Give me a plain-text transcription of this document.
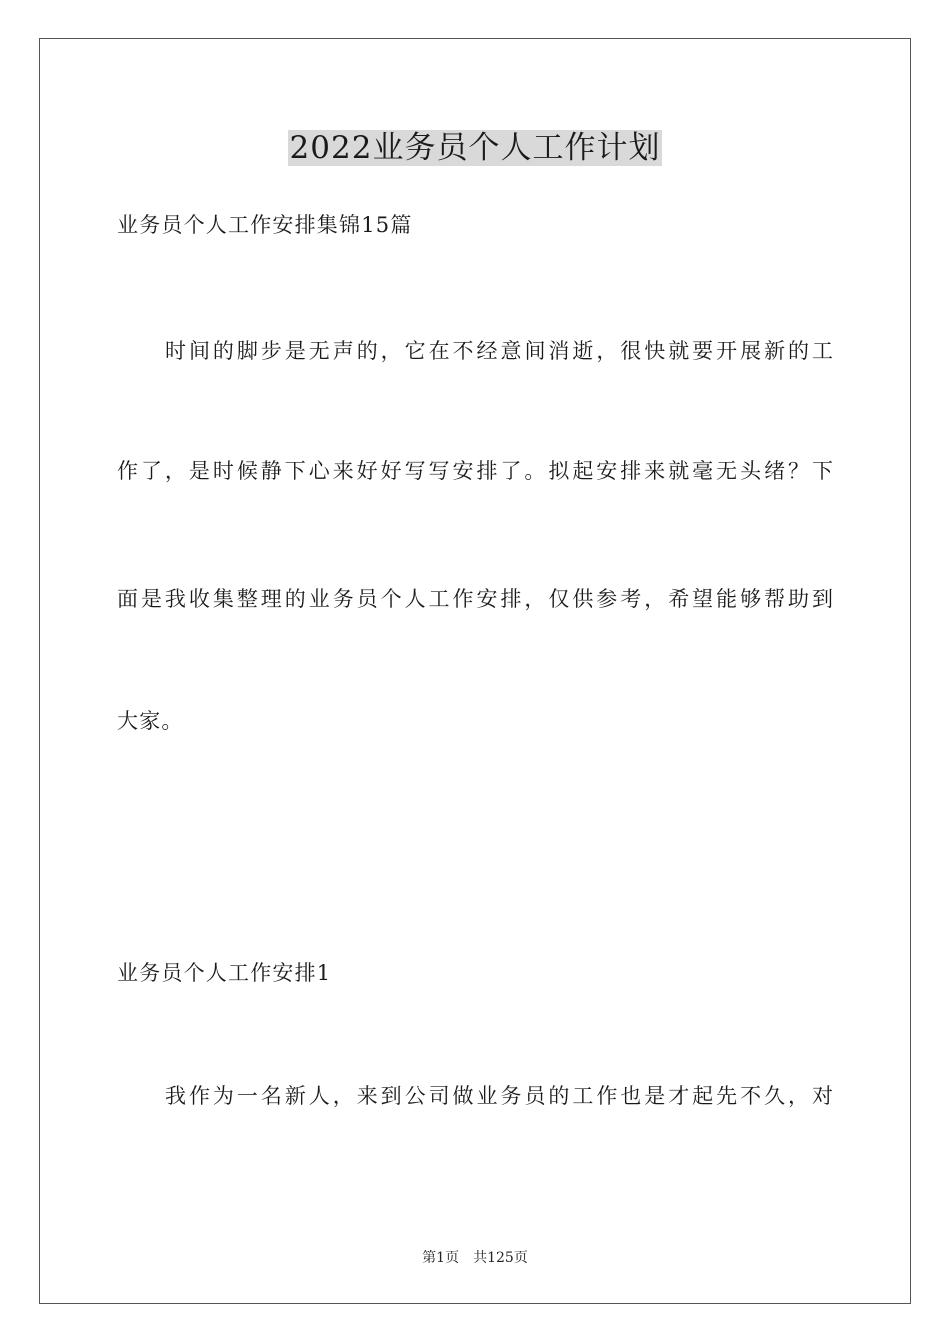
2022业务员个人工作计划
业务员个人工作安排集锦15篇
时间的脚步是无声的，它在不经意间消逝，很快就要开展新的工
作了，是时候静下心来好好写写安排了。拟起安排来就毫无头绪？下
面是我收集整理的业务员个人工作安排，仅供参考，希望能够帮助到
大家。
业务员个人工作安排1
我作为一名新人，来到公司做业务员的工作也是才起先不久，对
第1页 共125页
